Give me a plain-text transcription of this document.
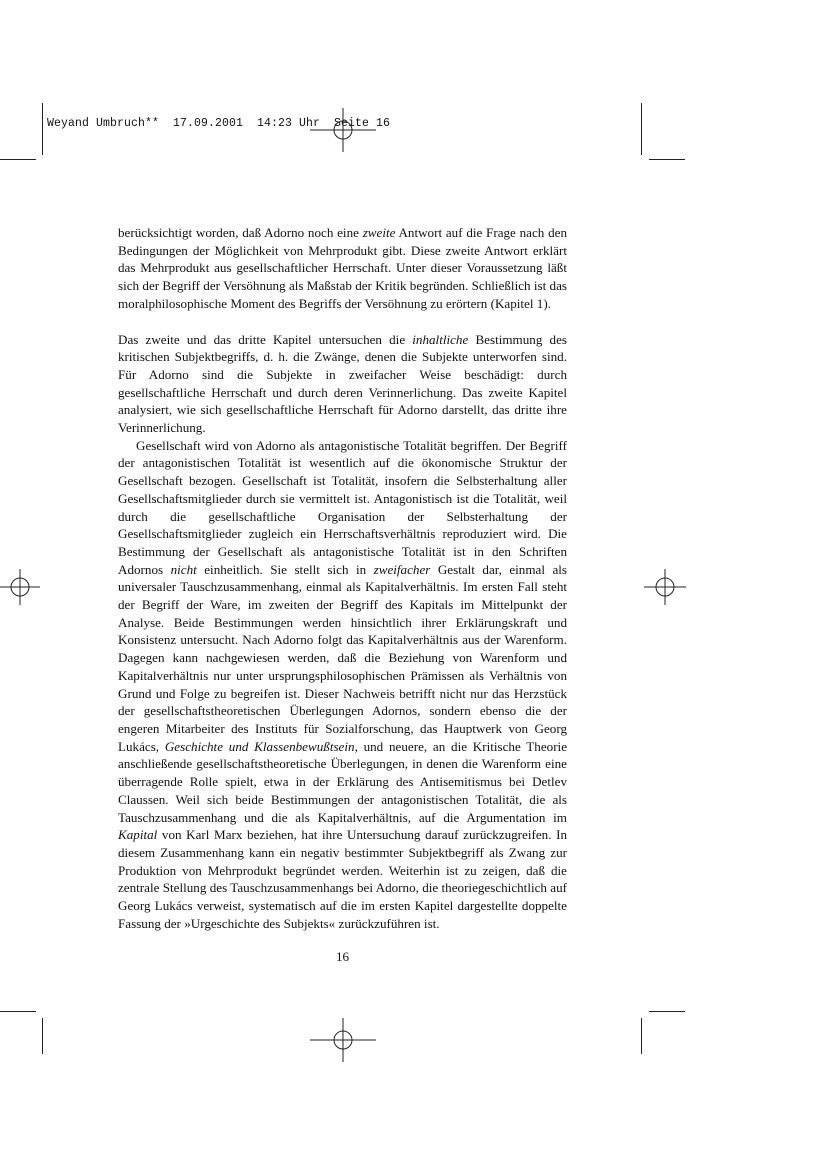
Weyand Umbruch**  17.09.2001  14:23 Uhr  Seite 16

berücksichtigt worden, daß Adorno noch eine zweite Antwort auf die Frage nach den Bedingungen der Möglichkeit von Mehrprodukt gibt. Diese zweite Antwort erklärt das Mehrprodukt aus gesellschaftlicher Herrschaft. Unter dieser Voraussetzung läßt sich der Begriff der Versöhnung als Maßstab der Kritik begründen. Schließlich ist das moralphilosophische Moment des Begriffs der Versöhnung zu erörtern (Kapitel 1).

Das zweite und das dritte Kapitel untersuchen die inhaltliche Bestimmung des kritischen Subjektbegriffs, d. h. die Zwänge, denen die Subjekte unterworfen sind. Für Adorno sind die Subjekte in zweifacher Weise beschädigt: durch gesellschaftliche Herrschaft und durch deren Verinnerlichung. Das zweite Kapitel analysiert, wie sich gesellschaftliche Herrschaft für Adorno darstellt, das dritte ihre Verinnerlichung.

Gesellschaft wird von Adorno als antagonistische Totalität begriffen. Der Begriff der antagonistischen Totalität ist wesentlich auf die ökonomische Struktur der Gesellschaft bezogen. Gesellschaft ist Totalität, insofern die Selbsterhaltung aller Gesellschaftsmitglieder durch sie vermittelt ist. Antagonistisch ist die Totalität, weil durch die gesellschaftliche Organisation der Selbsterhaltung der Gesellschaftsmitglieder zugleich ein Herrschaftsverhältnis reproduziert wird. Die Bestimmung der Gesellschaft als antagonistische Totalität ist in den Schriften Adornos nicht einheitlich. Sie stellt sich in zweifacher Gestalt dar, einmal als universaler Tauschzusammenhang, einmal als Kapitalverhältnis. Im ersten Fall steht der Begriff der Ware, im zweiten der Begriff des Kapitals im Mittelpunkt der Analyse. Beide Bestimmungen werden hinsichtlich ihrer Erklärungskraft und Konsistenz untersucht. Nach Adorno folgt das Kapitalverhältnis aus der Warenform. Dagegen kann nachgewiesen werden, daß die Beziehung von Warenform und Kapitalverhältnis nur unter ursprungsphilosophischen Prämissen als Verhältnis von Grund und Folge zu begreifen ist. Dieser Nachweis betrifft nicht nur das Herzstück der gesellschaftstheoretischen Überlegungen Adornos, sondern ebenso die der engeren Mitarbeiter des Instituts für Sozialforschung, das Hauptwerk von Georg Lukács, Geschichte und Klassenbewußtsein, und neuere, an die Kritische Theorie anschließende gesellschaftstheoretische Überlegungen, in denen die Warenform eine überragende Rolle spielt, etwa in der Erklärung des Antisemitismus bei Detlev Claussen. Weil sich beide Bestimmungen der antagonistischen Totalität, die als Tauschzusammenhang und die als Kapitalverhältnis, auf die Argumentation im Kapital von Karl Marx beziehen, hat ihre Untersuchung darauf zurückzugreifen. In diesem Zusammenhang kann ein negativ bestimmter Subjektbegriff als Zwang zur Produktion von Mehrprodukt begründet werden. Weiterhin ist zu zeigen, daß die zentrale Stellung des Tauschzusammenhangs bei Adorno, die theoriegeschichtlich auf Georg Lukács verweist, systematisch auf die im ersten Kapitel dargestellte doppelte Fassung der »Urgeschichte des Subjekts« zurückzuführen ist.

16
